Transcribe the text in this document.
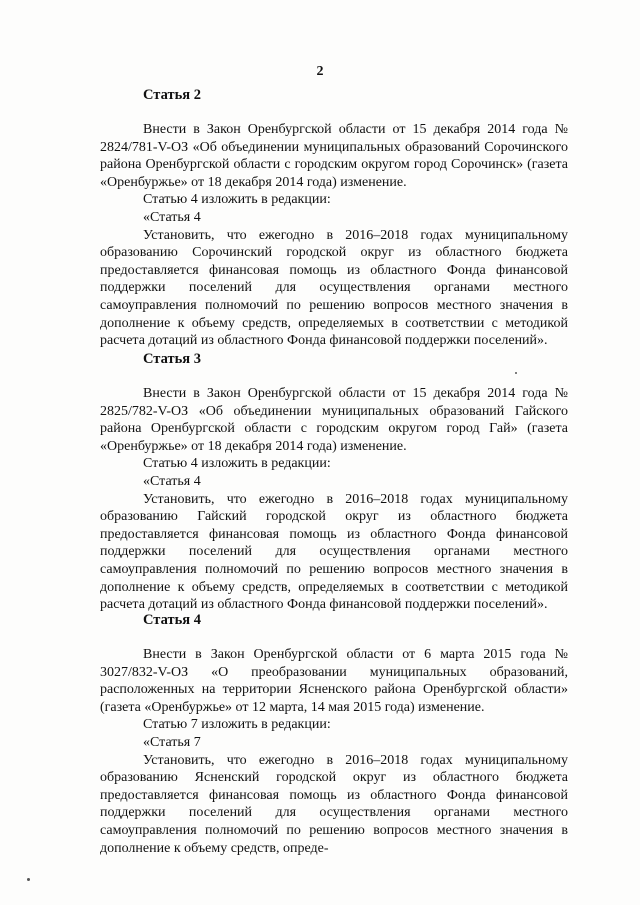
2
Статья 2

Внести в Закон Оренбургской области от 15 декабря 2014 года № 2824/781-V-ОЗ «Об объединении муниципальных образований Сорочинского района Оренбургской области с городским округом город Сорочинск» (газета «Оренбуржье» от 18 декабря 2014 года) изменение.

Статью 4 изложить в редакции:

«Статья 4

Установить, что ежегодно в 2016–2018 годах муниципальному образованию Сорочинский городской округ из областного бюджета предоставляется финансовая помощь из областного Фонда финансовой поддержки поселений для осуществления органами местного самоуправления полномочий по решению вопросов местного значения в дополнение к объему средств, определяемых в соответствии с методикой расчета дотаций из областного Фонда финансовой поддержки поселений».

Статья 3

Внести в Закон Оренбургской области от 15 декабря 2014 года № 2825/782-V-ОЗ «Об объединении муниципальных образований Гайского района Оренбургской области с городским округом город Гай» (газета «Оренбуржье» от 18 декабря 2014 года) изменение.

Статью 4 изложить в редакции:

«Статья 4

Установить, что ежегодно в 2016–2018 годах муниципальному образованию Гайский городской округ из областного бюджета предоставляется финансовая помощь из областного Фонда финансовой поддержки поселений для осуществления органами местного самоуправления полномочий по решению вопросов местного значения в дополнение к объему средств, определяемых в соответствии с методикой расчета дотаций из областного Фонда финансовой поддержки поселений».

Статья 4

Внести в Закон Оренбургской области от 6 марта 2015 года № 3027/832-V-ОЗ «О преобразовании муниципальных образований, расположенных на территории Ясненского района Оренбургской области» (газета «Оренбуржье» от 12 марта, 14 мая 2015 года) изменение.

Статью 7 изложить в редакции:

«Статья 7

Установить, что ежегодно в 2016–2018 годах муниципальному образованию Ясненский городской округ из областного бюджета предоставляется финансовая помощь из областного Фонда финансовой поддержки поселений для осуществления органами местного самоуправления полномочий по решению вопросов местного значения в дополнение к объему средств, опреде-
